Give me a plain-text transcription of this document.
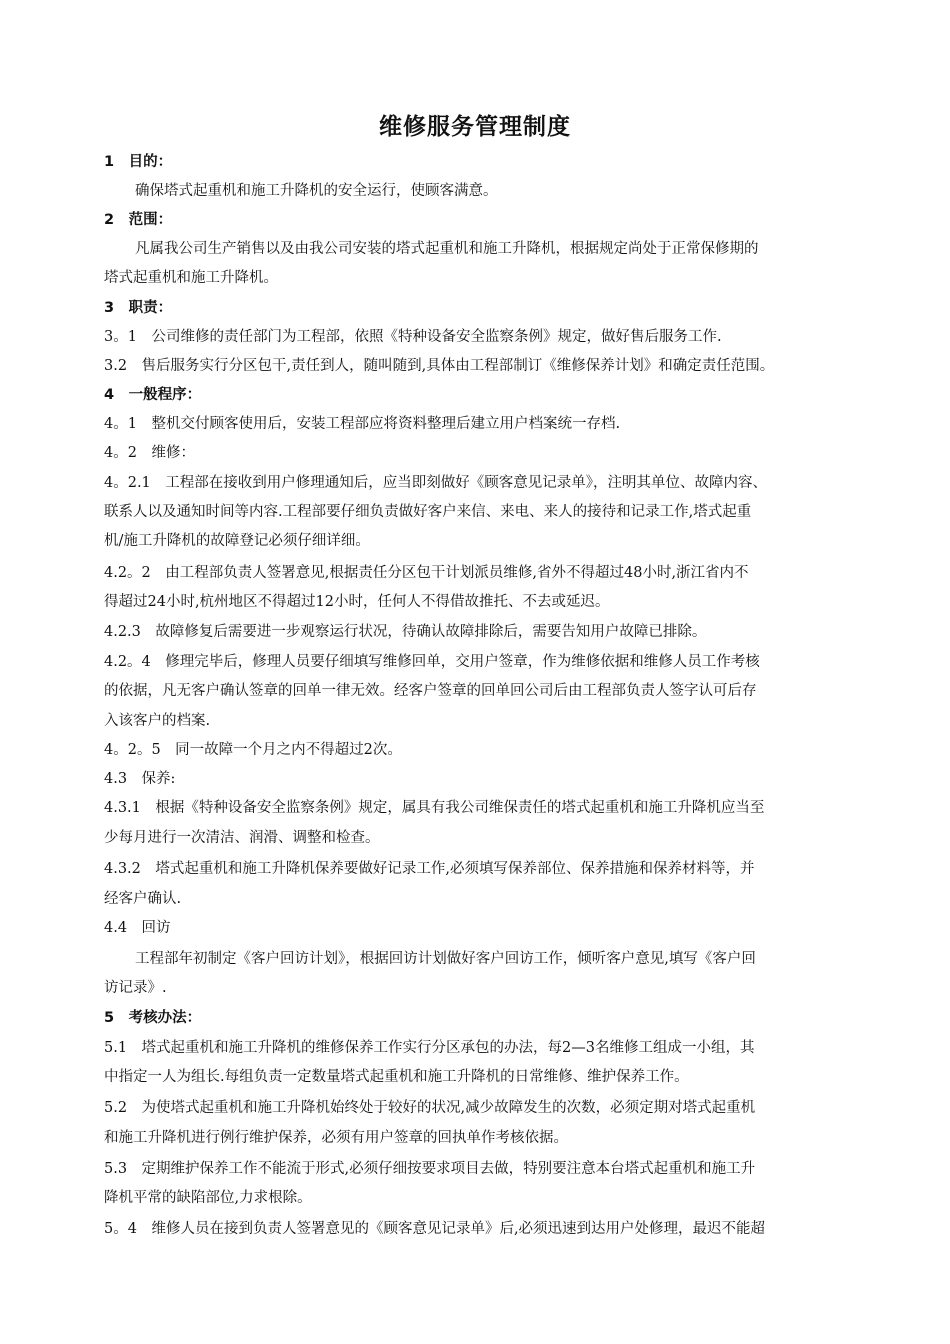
维修服务管理制度
1　目的：
确保塔式起重机和施工升降机的安全运行，使顾客满意。
2　范围：
凡属我公司生产销售以及由我公司安装的塔式起重机和施工升降机，根据规定尚处于正常保修期的
塔式起重机和施工升降机。
3　职责：
3。1　公司维修的责任部门为工程部，依照《特种设备安全监察条例》规定，做好售后服务工作.
3.2　售后服务实行分区包干,责任到人，随叫随到,具体由工程部制订《维修保养计划》和确定责任范围。
4　一般程序：
4。1　整机交付顾客使用后，安装工程部应将资料整理后建立用户档案统一存档.
4。2　维修：
4。2.1　工程部在接收到用户修理通知后，应当即刻做好《顾客意见记录单》，注明其单位、故障内容、
联系人以及通知时间等内容.工程部要仔细负责做好客户来信、来电、来人的接待和记录工作,塔式起重
机/施工升降机的故障登记必须仔细详细。
4.2。2　由工程部负责人签署意见,根据责任分区包干计划派员维修,省外不得超过48小时,浙江省内不
得超过24小时,杭州地区不得超过12小时，任何人不得借故推托、不去或延迟。
4.2.3　故障修复后需要进一步观察运行状况，待确认故障排除后，需要告知用户故障已排除。
4.2。4　修理完毕后，修理人员要仔细填写维修回单，交用户签章，作为维修依据和维修人员工作考核
的依据，凡无客户确认签章的回单一律无效。经客户签章的回单回公司后由工程部负责人签字认可后存
入该客户的档案.
4。2。5　同一故障一个月之内不得超过2次。
4.3　保养:
4.3.1　根据《特种设备安全监察条例》规定，属具有我公司维保责任的塔式起重机和施工升降机应当至
少每月进行一次清洁、润滑、调整和检查。
4.3.2　塔式起重机和施工升降机保养要做好记录工作,必须填写保养部位、保养措施和保养材料等，并
经客户确认.
4.4　回访
工程部年初制定《客户回访计划》，根据回访计划做好客户回访工作，倾听客户意见,填写《客户回
访记录》.
5　考核办法：
5.1　塔式起重机和施工升降机的维修保养工作实行分区承包的办法，每2—3名维修工组成一小组，其
中指定一人为组长.每组负责一定数量塔式起重机和施工升降机的日常维修、维护保养工作。
5.2　为使塔式起重机和施工升降机始终处于较好的状况,减少故障发生的次数，必须定期对塔式起重机
和施工升降机进行例行维护保养，必须有用户签章的回执单作考核依据。
5.3　定期维护保养工作不能流于形式,必须仔细按要求项目去做，特别要注意本台塔式起重机和施工升
降机平常的缺陷部位,力求根除。
5。4　维修人员在接到负责人签署意见的《顾客意见记录单》后,必须迅速到达用户处修理，最迟不能超
